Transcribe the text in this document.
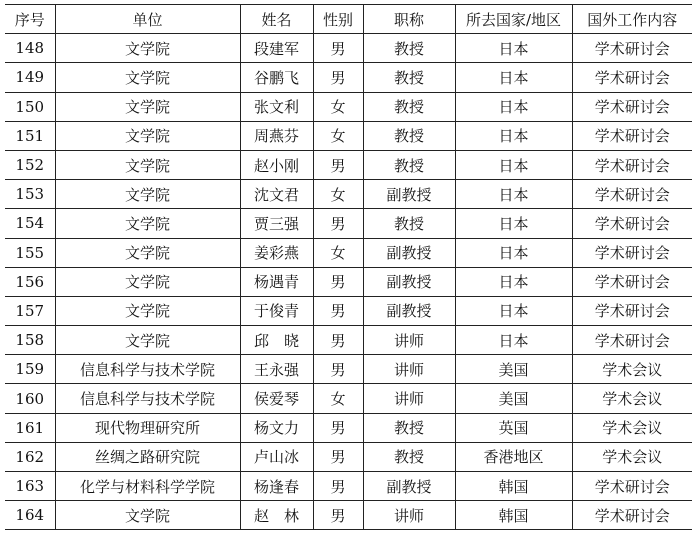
序号	单位	姓名	性别	职称	所去国家/地区	国外工作内容
148	文学院	段建军	男	教授	日本	学术研讨会
149	文学院	谷鹏飞	男	教授	日本	学术研讨会
150	文学院	张文利	女	教授	日本	学术研讨会
151	文学院	周燕芬	女	教授	日本	学术研讨会
152	文学院	赵小刚	男	教授	日本	学术研讨会
153	文学院	沈文君	女	副教授	日本	学术研讨会
154	文学院	贾三强	男	教授	日本	学术研讨会
155	文学院	姜彩燕	女	副教授	日本	学术研讨会
156	文学院	杨遇青	男	副教授	日本	学术研讨会
157	文学院	于俊青	男	副教授	日本	学术研讨会
158	文学院	邱　晓	男	讲师	日本	学术研讨会
159	信息科学与技术学院	王永强	男	讲师	美国	学术会议
160	信息科学与技术学院	侯爱琴	女	讲师	美国	学术会议
161	现代物理研究所	杨文力	男	教授	英国	学术会议
162	丝绸之路研究院	卢山冰	男	教授	香港地区	学术会议
163	化学与材料科学学院	杨逢春	男	副教授	韩国	学术研讨会
164	文学院	赵　林	男	讲师	韩国	学术研讨会
